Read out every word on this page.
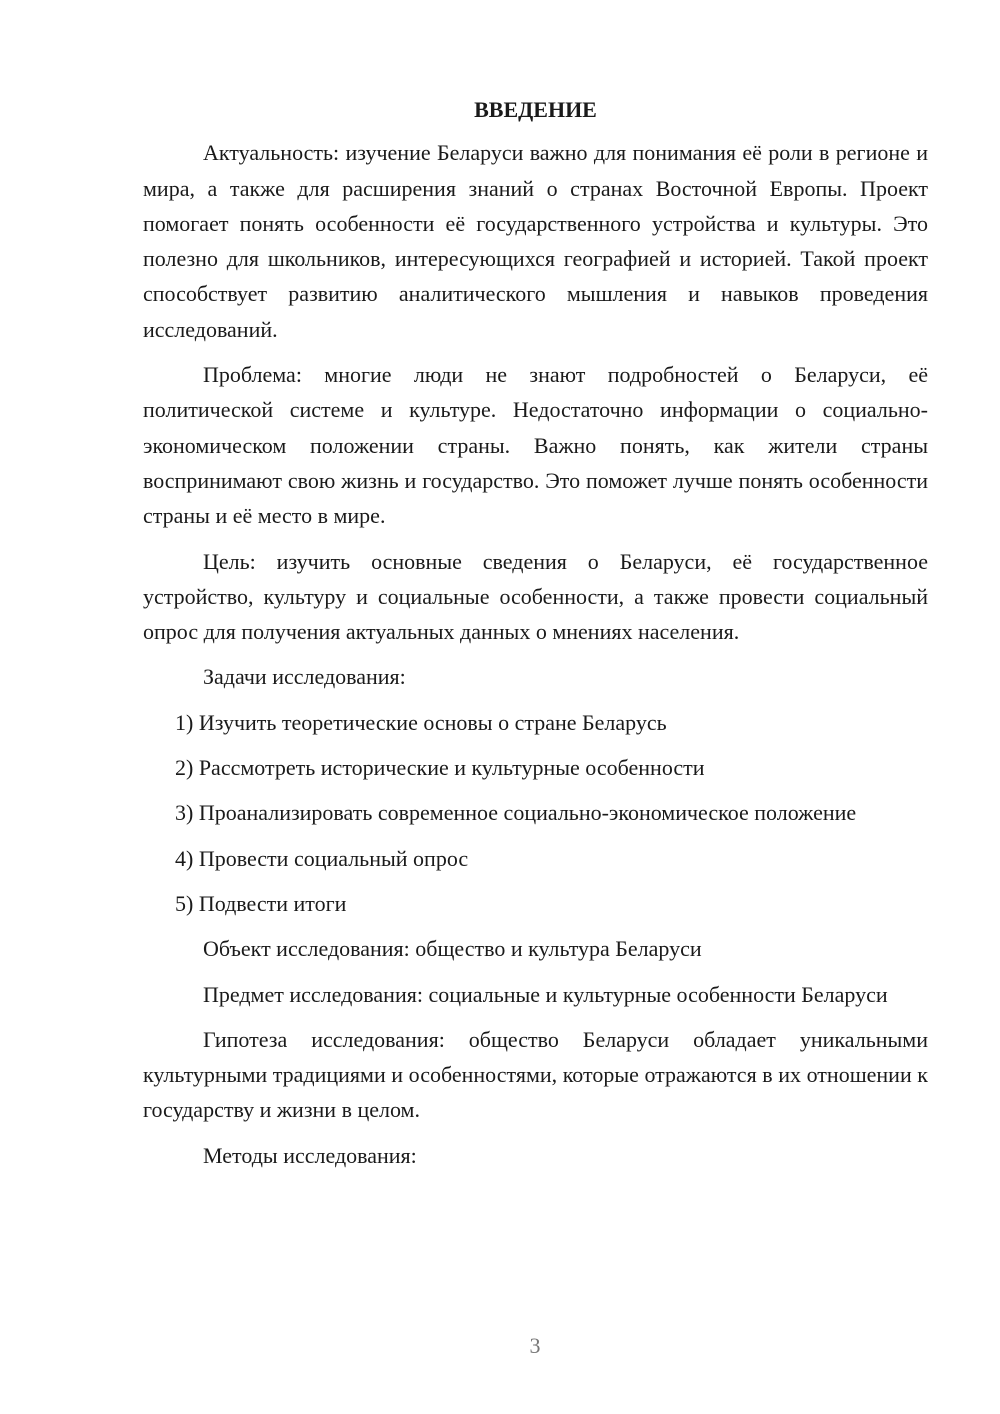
ВВЕДЕНИЕ

Актуальность: изучение Беларуси важно для понимания её роли в регионе и мира, а также для расширения знаний о странах Восточной Европы. Проект помогает понять особенности её государственного устройства и культуры. Это полезно для школьников, интересующихся географией и историей. Такой проект способствует развитию аналитического мышления и навыков проведения исследований.

Проблема: многие люди не знают подробностей о Беларуси, её политической системе и культуре. Недостаточно информации о социально-экономическом положении страны. Важно понять, как жители страны воспринимают свою жизнь и государство. Это поможет лучше понять особенности страны и её место в мире.

Цель: изучить основные сведения о Беларуси, её государственное устройство, культуру и социальные особенности, а также провести социальный опрос для получения актуальных данных о мнениях населения.

Задачи исследования:

1) Изучить теоретические основы о стране Беларусь

2) Рассмотреть исторические и культурные особенности

3) Проанализировать современное социально-экономическое положение

4) Провести социальный опрос

5) Подвести итоги

Объект исследования: общество и культура Беларуси

Предмет исследования: социальные и культурные особенности Беларуси

Гипотеза исследования: общество Беларуси обладает уникальными культурными традициями и особенностями, которые отражаются в их отношении к государству и жизни в целом.

Методы исследования:

3
